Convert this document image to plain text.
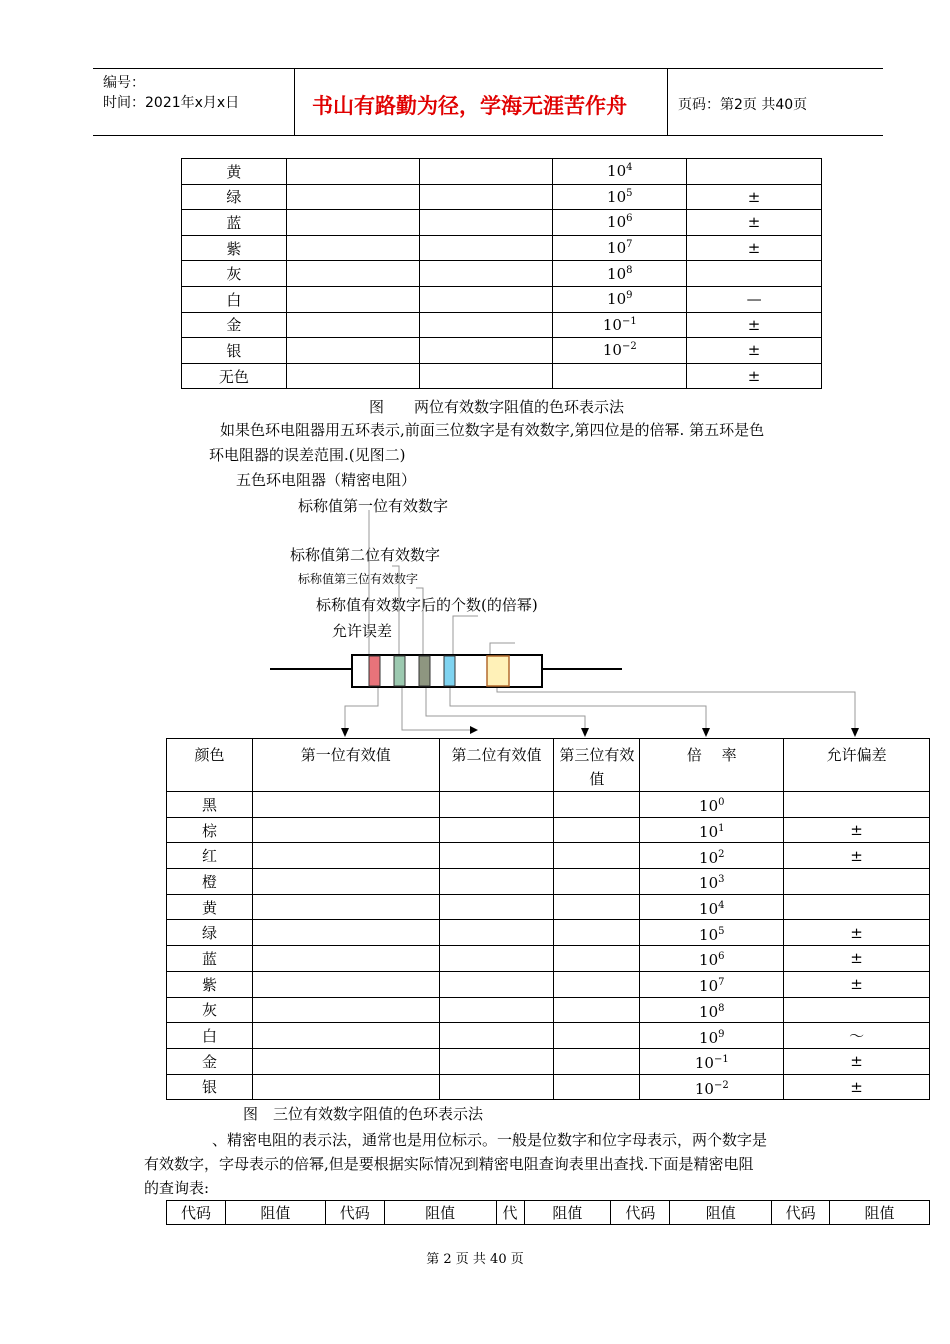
编号：
时间：2021年x月x日	书山有路勤为径，学海无涯苦作舟	页码：第2页 共40页
黄			$10^4$	
绿			$10^5$	±
蓝			$10^6$	±
紫			$10^7$	±
灰			$10^8$	
白			$10^9$	—
金			$10^{-1}$	±
银			$10^{-2}$	±
无色				±
图　　两位有效数字阻值的色环表示法
如果色环电阻器用五环表示,前面三位数字是有效数字,第四位是的倍幂. 第五环是色
环电阻器的误差范围.(见图二)
五色环电阻器（精密电阻）
标称值第一位有效数字
标称值第二位有效数字
标称值第三位有效数字
标称值有效数字后的个数(的倍幂)
允许误差
颜色	第一位有效值	第二位有效值	第三位有效值	倍　 率	允许偏差
黑				$10^0$	
棕				$10^1$	±
红				$10^2$	±
橙				$10^3$	
黄				$10^4$	
绿				$10^5$	±
蓝				$10^6$	±
紫				$10^7$	±
灰				$10^8$	
白				$10^9$	～
金				$10^{-1}$	±
银				$10^{-2}$	±
图　三位有效数字阻值的色环表示法
、精密电阻的表示法，通常也是用位标示。一般是位数字和位字母表示，两个数字是
有效数字，字母表示的倍幂,但是要根据实际情况到精密电阻查询表里出查找.下面是精密电阻
的查询表:
代码	阻值	代码	阻值	代	阻值	代码	阻值	代码	阻值
第 2 页 共 40 页
